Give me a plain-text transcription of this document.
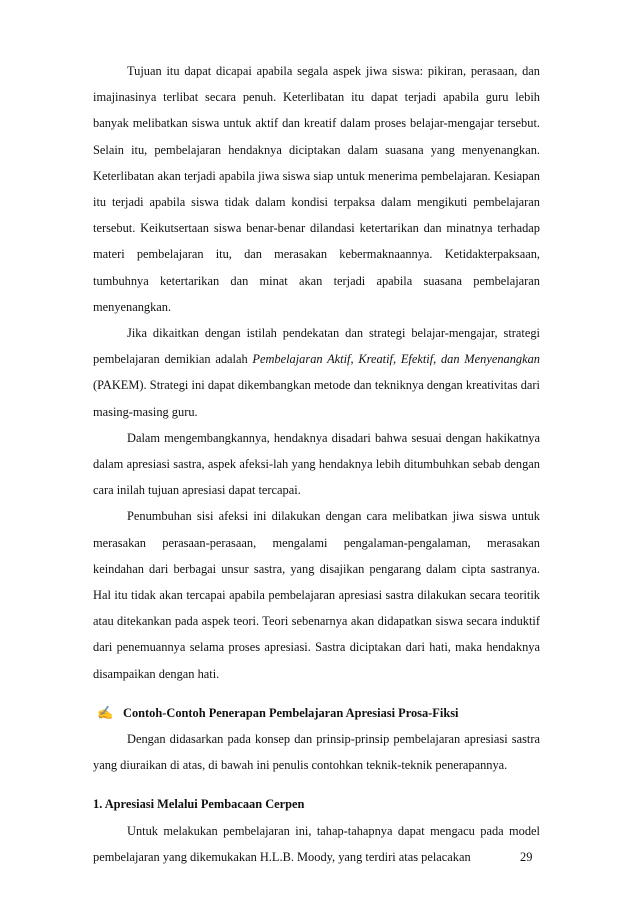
Tujuan itu dapat dicapai apabila segala aspek jiwa siswa: pikiran, perasaan, dan imajinasinya terlibat secara penuh. Keterlibatan itu dapat terjadi apabila guru lebih banyak melibatkan siswa untuk aktif dan kreatif dalam proses belajar-mengajar tersebut. Selain itu, pembelajaran hendaknya diciptakan dalam suasana yang menyenangkan. Keterlibatan akan terjadi apabila jiwa siswa siap untuk menerima pembelajaran. Kesiapan itu terjadi apabila siswa tidak dalam kondisi terpaksa dalam mengikuti pembelajaran tersebut. Keikutsertaan siswa benar-benar dilandasi ketertarikan dan minatnya terhadap materi pembelajaran itu, dan merasakan kebermaknaannya. Ketidakterpaksaan, tumbuhnya ketertarikan dan minat akan terjadi apabila suasana pembelajaran menyenangkan.

Jika dikaitkan dengan istilah pendekatan dan strategi belajar-mengajar, strategi pembelajaran demikian adalah Pembelajaran Aktif, Kreatif, Efektif, dan Menyenangkan (PAKEM). Strategi ini dapat dikembangkan metode dan tekniknya dengan kreativitas dari masing-masing guru.

Dalam mengembangkannya, hendaknya disadari bahwa sesuai dengan hakikatnya dalam apresiasi sastra, aspek afeksi-lah yang hendaknya lebih ditumbuhkan sebab dengan cara inilah tujuan apresiasi dapat tercapai.

Penumbuhan sisi afeksi ini dilakukan dengan cara melibatkan jiwa siswa untuk merasakan perasaan-perasaan, mengalami pengalaman-pengalaman, merasakan keindahan dari berbagai unsur sastra, yang disajikan pengarang dalam cipta sastranya. Hal itu tidak akan tercapai apabila pembelajaran apresiasi sastra dilakukan secara teoritik atau ditekankan pada aspek teori. Teori sebenarnya akan didapatkan siswa secara induktif dari penemuannya selama proses apresiasi. Sastra diciptakan dari hati, maka hendaknya disampaikan dengan hati.

✍ Contoh-Contoh Penerapan Pembelajaran Apresiasi Prosa-Fiksi

Dengan didasarkan pada konsep dan prinsip-prinsip pembelajaran apresiasi sastra yang diuraikan di atas, di bawah ini penulis contohkan teknik-teknik penerapannya.

1. Apresiasi Melalui Pembacaan Cerpen

Untuk melakukan pembelajaran ini, tahap-tahapnya dapat mengacu pada model pembelajaran yang dikemukakan H.L.B. Moody, yang terdiri atas pelacakan	29
